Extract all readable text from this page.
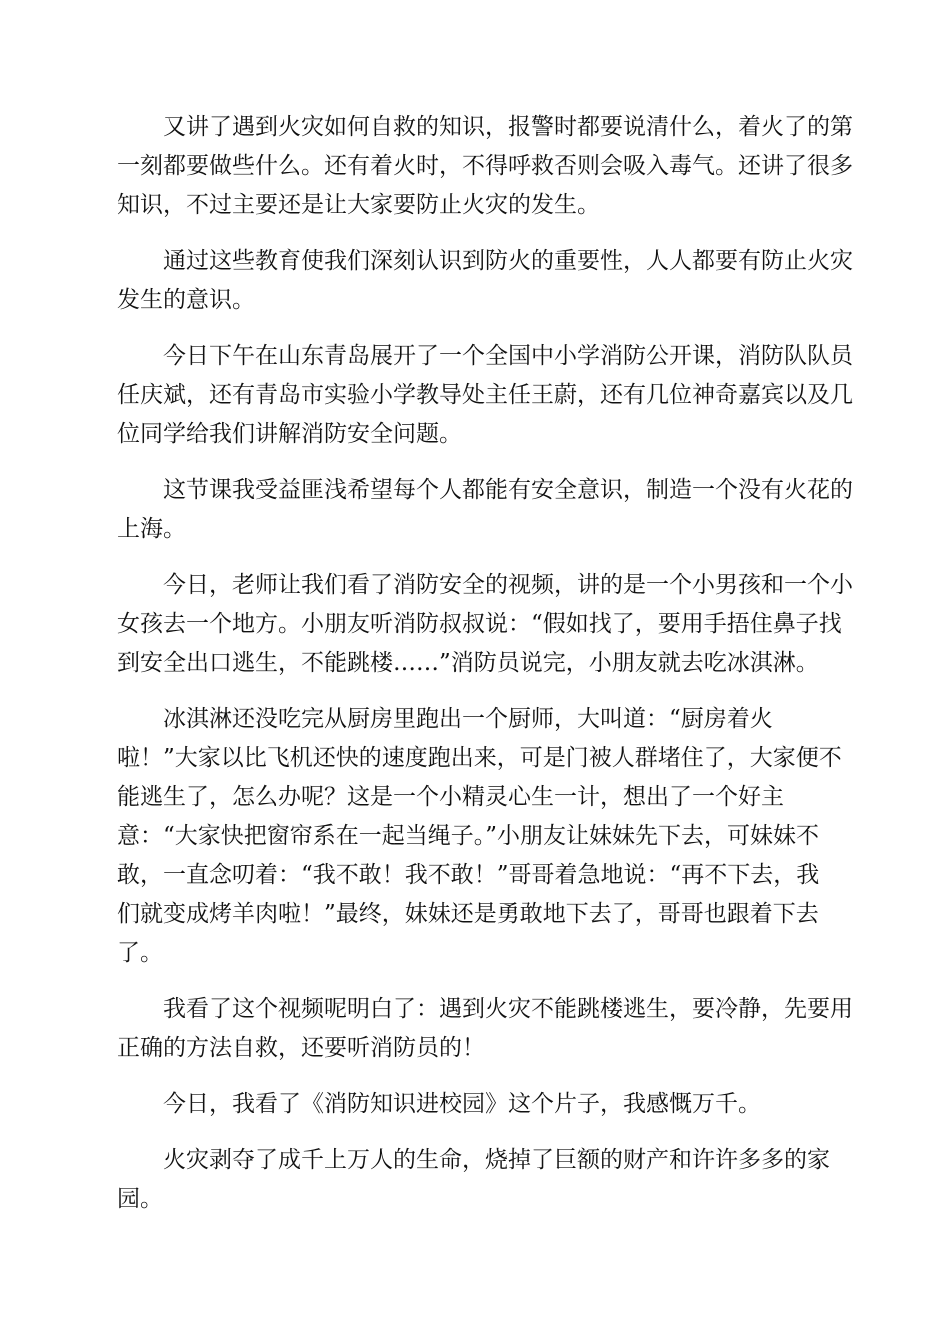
又讲了遇到火灾如何自救的知识，报警时都要说清什么，着火了的第
一刻都要做些什么。还有着火时，不得呼救否则会吸入毒气。还讲了很多
知识，不过主要还是让大家要防止火灾的发生。

通过这些教育使我们深刻认识到防火的重要性，人人都要有防止火灾
发生的意识。

今日下午在山东青岛展开了一个全国中小学消防公开课，消防队队员
任庆斌，还有青岛市实验小学教导处主任王蔚，还有几位神奇嘉宾以及几
位同学给我们讲解消防安全问题。

这节课我受益匪浅希望每个人都能有安全意识，制造一个没有火花的
上海。

今日，老师让我们看了消防安全的视频，讲的是一个小男孩和一个小
女孩去一个地方。小朋友听消防叔叔说：“假如找了，要用手捂住鼻子找
到安全出口逃生，不能跳楼……”消防员说完，小朋友就去吃冰淇淋。

冰淇淋还没吃完从厨房里跑出一个厨师，大叫道：“厨房着火
啦！”大家以比飞机还快的速度跑出来，可是门被人群堵住了，大家便不
能逃生了，怎么办呢？这是一个小精灵心生一计，想出了一个好主
意：“大家快把窗帘系在一起当绳子。”小朋友让妹妹先下去，可妹妹不
敢，一直念叨着：“我不敢！我不敢！”哥哥着急地说：“再不下去，我
们就变成烤羊肉啦！”最终，妹妹还是勇敢地下去了，哥哥也跟着下去
了。

我看了这个视频呢明白了：遇到火灾不能跳楼逃生，要冷静，先要用
正确的方法自救，还要听消防员的！

今日，我看了《消防知识进校园》这个片子，我感慨万千。

火灾剥夺了成千上万人的生命，烧掉了巨额的财产和许许多多的家
园。
